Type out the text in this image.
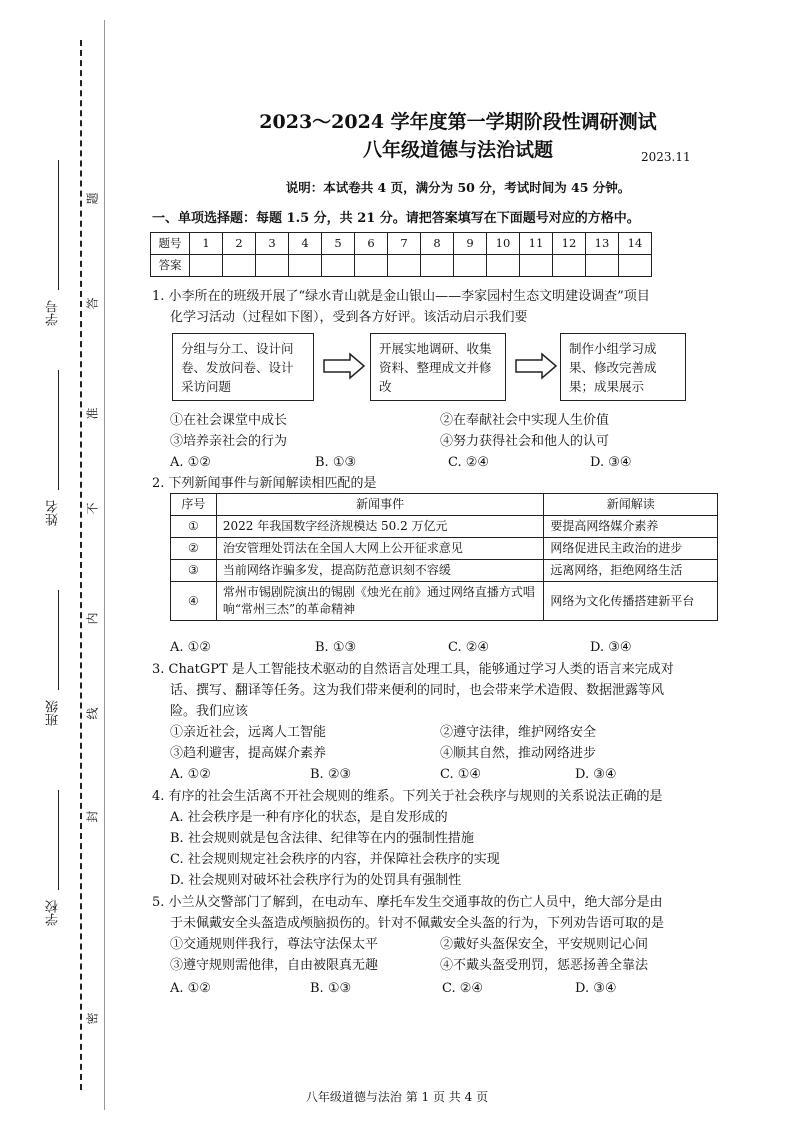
学校
班级
姓名
学号
题
答
准
不
内
线
封
密
2023～2024 学年度第一学期阶段性调研测试
八年级道德与法治试题	2023.11
说明：本试卷共 4 页，满分为 50 分，考试时间为 45 分钟。
一、单项选择题：每题 1.5 分，共 21 分。请把答案填写在下面题号对应的方格中。
题号	1	2	3	4	5	6	7	8	9	10	11	12	13	14
答案														
1. 小李所在的班级开展了“绿水青山就是金山银山——李家园村生态文明建设调查”项目
化学习活动（过程如下图），受到各方好评。该活动启示我们要
分组与分工、设计问卷、发放问卷、设计采访问题
开展实地调研、收集资料、整理成文并修改
制作小组学习成果、修改完善成果；成果展示
①在社会课堂中成长	②在奉献社会中实现人生价值
③培养亲社会的行为	④努力获得社会和他人的认可
A. ①②	B. ①③	C. ②④	D. ③④
2. 下列新闻事件与新闻解读相匹配的是
序号	新闻事件	新闻解读
①	2022 年我国数字经济规模达 50.2 万亿元	要提高网络媒介素养
②	治安管理处罚法在全国人大网上公开征求意见	网络促进民主政治的进步
③	当前网络诈骗多发，提高防范意识刻不容缓	远离网络，拒绝网络生活
④	常州市锡剧院演出的锡剧《烛光在前》通过网络直播方式唱响“常州三杰”的革命精神	网络为文化传播搭建新平台
A. ①②	B. ①③	C. ②④	D. ③④
3. ChatGPT 是人工智能技术驱动的自然语言处理工具，能够通过学习人类的语言来完成对
话、撰写、翻译等任务。这为我们带来便利的同时，也会带来学术造假、数据泄露等风
险。我们应该
①亲近社会，远离人工智能	②遵守法律，维护网络安全
③趋利避害，提高媒介素养	④顺其自然，推动网络进步
A. ①②	B. ②③	C. ①④	D. ③④
4. 有序的社会生活离不开社会规则的维系。下列关于社会秩序与规则的关系说法正确的是
A. 社会秩序是一种有序化的状态，是自发形成的
B. 社会规则就是包含法律、纪律等在内的强制性措施
C. 社会规则规定社会秩序的内容，并保障社会秩序的实现
D. 社会规则对破坏社会秩序行为的处罚具有强制性
5. 小兰从交警部门了解到，在电动车、摩托车发生交通事故的伤亡人员中，绝大部分是由
于未佩戴安全头盔造成颅脑损伤的。针对不佩戴安全头盔的行为，下列劝告语可取的是
①交通规则伴我行，尊法守法保太平	②戴好头盔保安全，平安规则记心间
③遵守规则需他律，自由被限真无趣	④不戴头盔受刑罚，惩恶扬善全靠法
A. ①②	B. ①③	C. ②④	D. ③④
八年级道德与法治 第 1 页 共 4 页
